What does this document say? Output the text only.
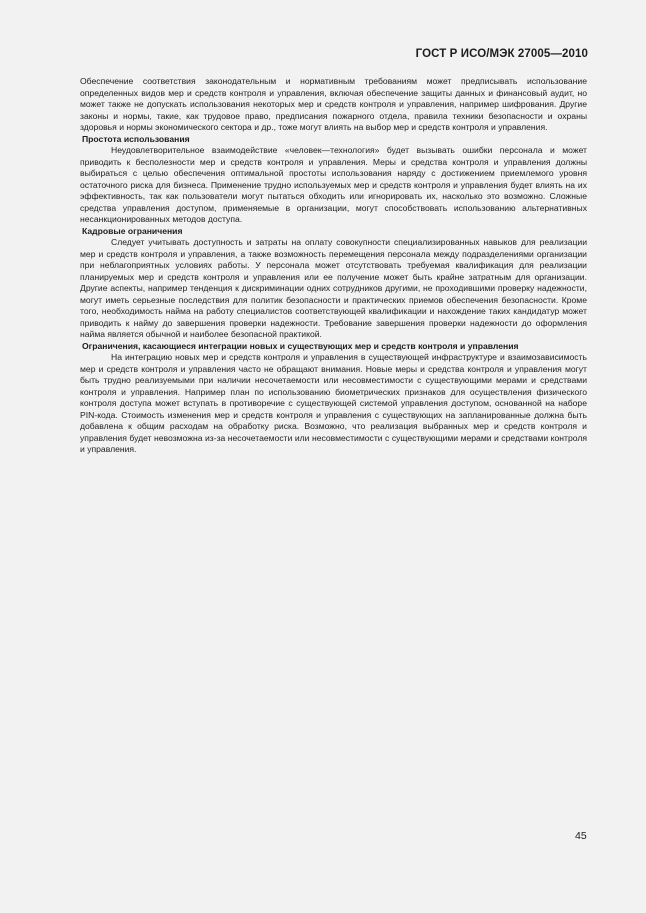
ГОСТ Р ИСО/МЭК 27005—2010

Обеспечение соответствия законодательным и нормативным требованиям может предписывать использование определенных видов мер и средств контроля и управления, включая обеспечение защиты данных и финансовый аудит, но может также не допускать использования некоторых мер и средств контроля и управления, например шифрования. Другие законы и нормы, такие, как трудовое право, предписания пожарного отдела, правила техники безопасности и охраны здоровья и нормы экономического сектора и др., тоже могут влиять на выбор мер и средств контроля и управления.

Простота использования

Неудовлетворительное взаимодействие «человек—технология» будет вызывать ошибки персонала и может приводить к бесполезности мер и средств контроля и управления. Меры и средства контроля и управления должны выбираться с целью обеспечения оптимальной простоты использования наряду с достижением приемлемого уровня остаточного риска для бизнеса. Применение трудно используемых мер и средств контроля и управления будет влиять на их эффективность, так как пользователи могут пытаться обходить или игнорировать их, насколько это возможно. Сложные средства управления доступом, применяемые в организации, могут способствовать использованию альтернативных несанкционированных методов доступа.

Кадровые ограничения

Следует учитывать доступность и затраты на оплату совокупности специализированных навыков для реализации мер и средств контроля и управления, а также возможность перемещения персонала между подразделениями организации при неблагоприятных условиях работы. У персонала может отсутствовать требуемая квалификация для реализации планируемых мер и средств контроля и управления или ее получение может быть крайне затратным для организации. Другие аспекты, например тенденция к дискриминации одних сотрудников другими, не проходившими проверку надежности, могут иметь серьезные последствия для политик безопасности и практических приемов обеспечения безопасности. Кроме того, необходимость найма на работу специалистов соответствующей квалификации и нахождение таких кандидатур может приводить к найму до завершения проверки надежности. Требование завершения проверки надежности до оформления найма является обычной и наиболее безопасной практикой.

Ограничения, касающиеся интеграции новых и существующих мер и средств контроля и управления

На интеграцию новых мер и средств контроля и управления в существующей инфраструктуре и взаимозависимость мер и средств контроля и управления часто не обращают внимания. Новые меры и средства контроля и управления могут быть трудно реализуемыми при наличии несочетаемости или несовместимости с существующими мерами и средствами контроля и управления. Например план по использованию биометрических признаков для осуществления физического контроля доступа может вступать в противоречие с существующей системой управления доступом, основанной на наборе PIN-кода. Стоимость изменения мер и средств контроля и управления с существующих на запланированные должна быть добавлена к общим расходам на обработку риска. Возможно, что реализация выбранных мер и средств контроля и управления будет невозможна из-за несочетаемости или несовместимости с существующими мерами и средствами контроля и управления.

45
